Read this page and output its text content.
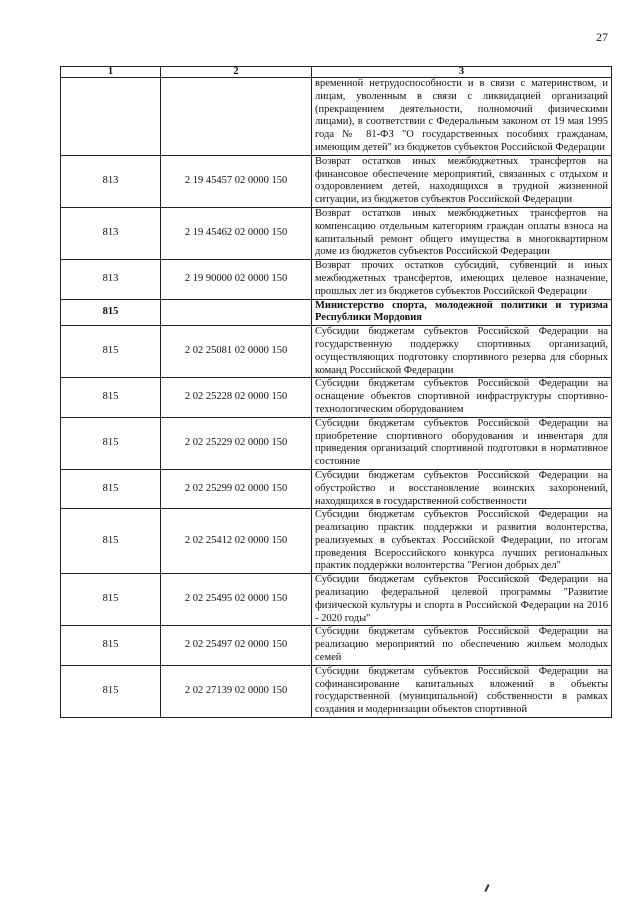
27
1	2	3
		временной нетрудоспособности и в связи с материнством, и лицам, уволенным в связи с ликвидацией организаций (прекращением деятельности, полномочий физическими лицами), в соответствии с Федеральным законом от 19 мая 1995 года № 81-ФЗ "О государственных пособиях гражданам, имеющим детей" из бюджетов субъектов Российской Федерации
813	2 19 45457 02 0000 150	Возврат остатков иных межбюджетных трансфертов на финансовое обеспечение мероприятий, связанных с отдыхом и оздоровлением детей, находящихся в трудной жизненной ситуации, из бюджетов субъектов Российской Федерации
813	2 19 45462 02 0000 150	Возврат остатков иных межбюджетных трансфертов на компенсацию отдельным категориям граждан оплаты взноса на капитальный ремонт общего имущества в многоквартирном доме из бюджетов субъектов Российской Федерации
813	2 19 90000 02 0000 150	Возврат прочих остатков субсидий, субвенций и иных межбюджетных трансфертов, имеющих целевое назначение, прошлых лет из бюджетов субъектов Российской Федерации
815		Министерство спорта, молодежной политики и туризма Республики Мордовия
815	2 02 25081 02 0000 150	Субсидии бюджетам субъектов Российской Федерации на государственную поддержку спортивных организаций, осуществляющих подготовку спортивного резерва для сборных команд Российской Федерации
815	2 02 25228 02 0000 150	Субсидии бюджетам субъектов Российской Федерации на оснащение объектов спортивной инфраструктуры спортивно-технологическим оборудованием
815	2 02 25229 02 0000 150	Субсидии бюджетам субъектов Российской Федерации на приобретение спортивного оборудования и инвентаря для приведения организаций спортивной подготовки в нормативное состояние
815	2 02 25299 02 0000 150	Субсидии бюджетам субъектов Российской Федерации на обустройство и восстановление воинских захоронений, находящихся в государственной собственности
815	2 02 25412 02 0000 150	Субсидии бюджетам субъектов Российской Федерации на реализацию практик поддержки и развития волонтерства, реализуемых в субъектах Российской Федерации, по итогам проведения Всероссийского конкурса лучших региональных практик поддержки волонтерства "Регион добрых дел"
815	2 02 25495 02 0000 150	Субсидии бюджетам субъектов Российской Федерации на реализацию федеральной целевой программы "Развитие физической культуры и спорта в Российской Федерации на 2016 - 2020 годы"
815	2 02 25497 02 0000 150	Субсидии бюджетам субъектов Российской Федерации на реализацию мероприятий по обеспечению жильем молодых семей
815	2 02 27139 02 0000 150	Субсидии бюджетам субъектов Российской Федерации на софинансирование капитальных вложений в объекты государственной (муниципальной) собственности в рамках создания и модернизации объектов спортивной
